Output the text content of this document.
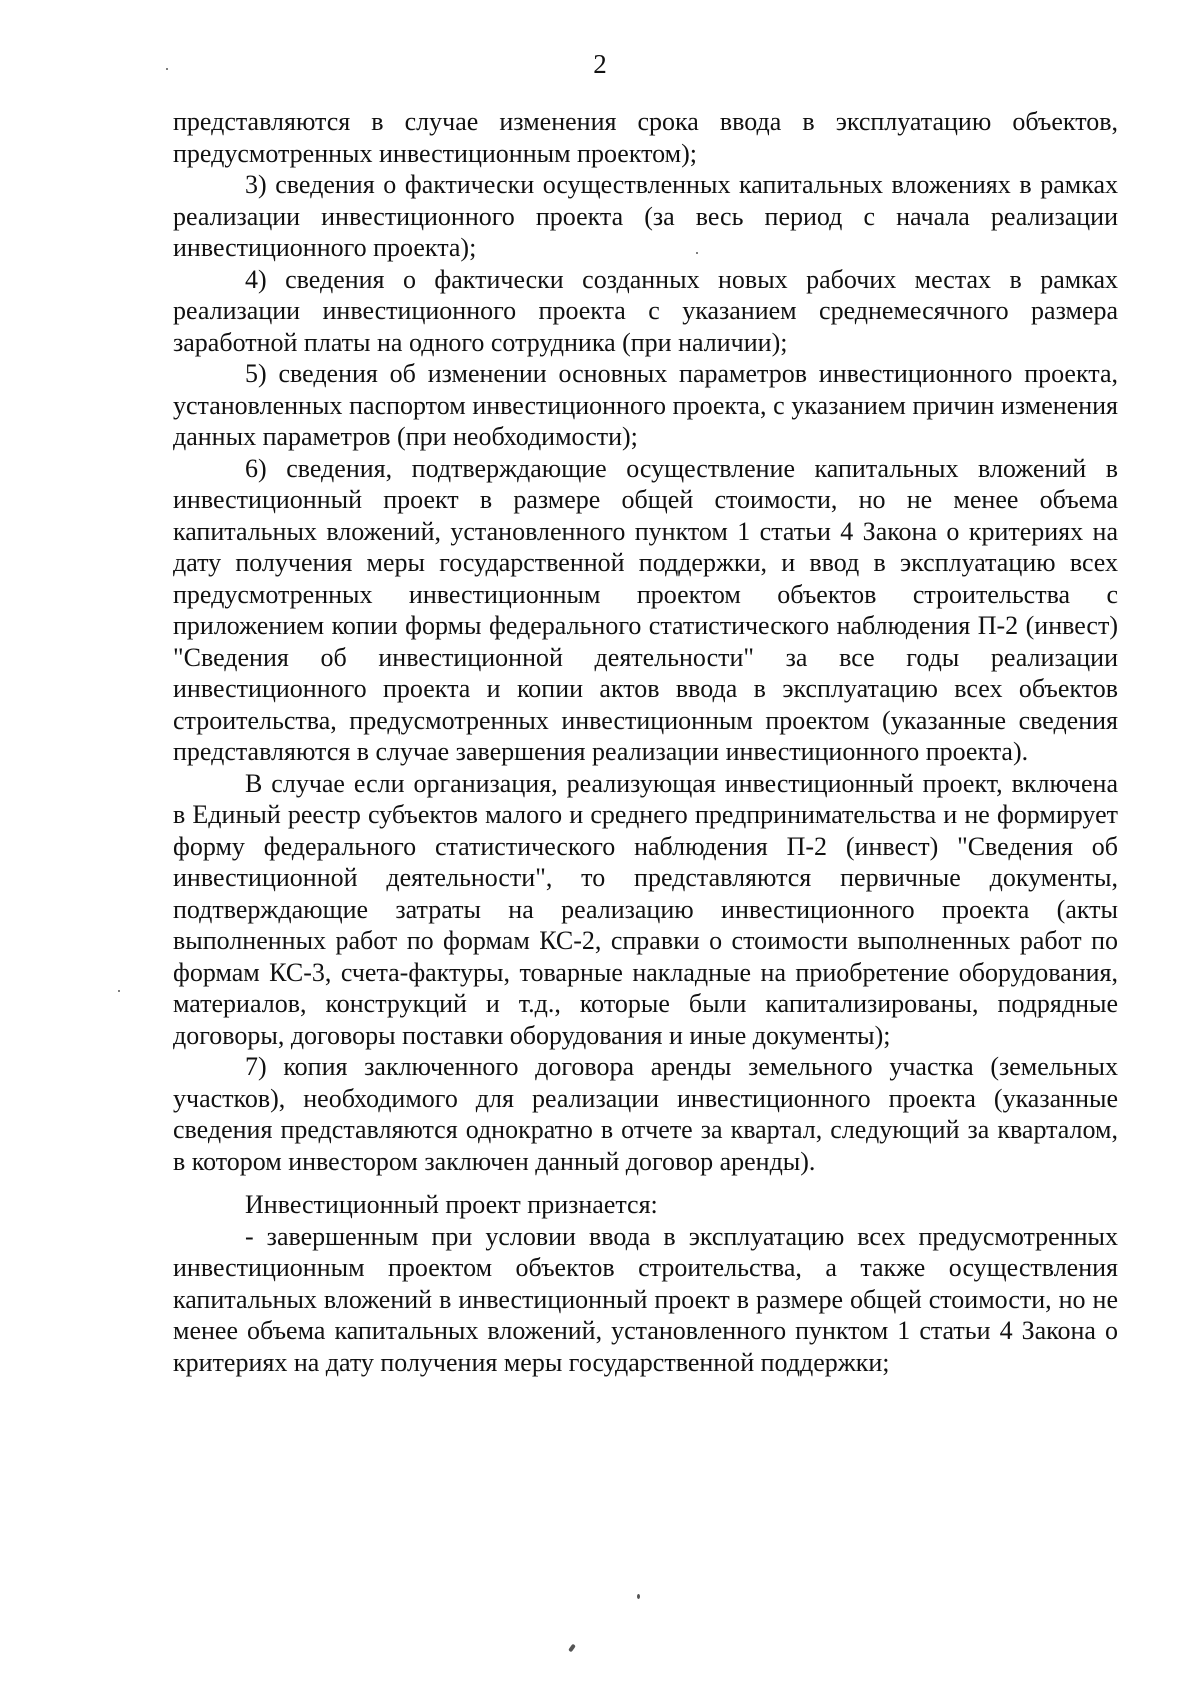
2

представляются в случае изменения срока ввода в эксплуатацию объектов, предусмотренных инвестиционным проектом);

3) сведения о фактически осуществленных капитальных вложениях в рамках реализации инвестиционного проекта (за весь период с начала реализации инвестиционного проекта);

4) сведения о фактически созданных новых рабочих местах в рамках реализации инвестиционного проекта с указанием среднемесячного размера заработной платы на одного сотрудника (при наличии);

5) сведения об изменении основных параметров инвестиционного проекта, установленных паспортом инвестиционного проекта, с указанием причин изменения данных параметров (при необходимости);

6) сведения, подтверждающие осуществление капитальных вложений в инвестиционный проект в размере общей стоимости, но не менее объема капитальных вложений, установленного пунктом 1 статьи 4 Закона о критериях на дату получения меры государственной поддержки, и ввод в эксплуатацию всех предусмотренных инвестиционным проектом объектов строительства с приложением копии формы федерального статистического наблюдения П-2 (инвест) "Сведения об инвестиционной деятельности" за все годы реализации инвестиционного проекта и копии актов ввода в эксплуатацию всех объектов строительства, предусмотренных инвестиционным проектом (указанные сведения представляются в случае завершения реализации инвестиционного проекта).

В случае если организация, реализующая инвестиционный проект, включена в Единый реестр субъектов малого и среднего предпринимательства и не формирует форму федерального статистического наблюдения П-2 (инвест) "Сведения об инвестиционной деятельности", то представляются первичные документы, подтверждающие затраты на реализацию инвестиционного проекта (акты выполненных работ по формам КС-2, справки о стоимости выполненных работ по формам КС-3, счета-фактуры, товарные накладные на приобретение оборудования, материалов, конструкций и т.д., которые были капитализированы, подрядные договоры, договоры поставки оборудования и иные документы);

7) копия заключенного договора аренды земельного участка (земельных участков), необходимого для реализации инвестиционного проекта (указанные сведения представляются однократно в отчете за квартал, следующий за кварталом, в котором инвестором заключен данный договор аренды).

Инвестиционный проект признается:

- завершенным при условии ввода в эксплуатацию всех предусмотренных инвестиционным проектом объектов строительства, а также осуществления капитальных вложений в инвестиционный проект в размере общей стоимости, но не менее объема капитальных вложений, установленного пунктом 1 статьи 4 Закона о критериях на дату получения меры государственной поддержки;
